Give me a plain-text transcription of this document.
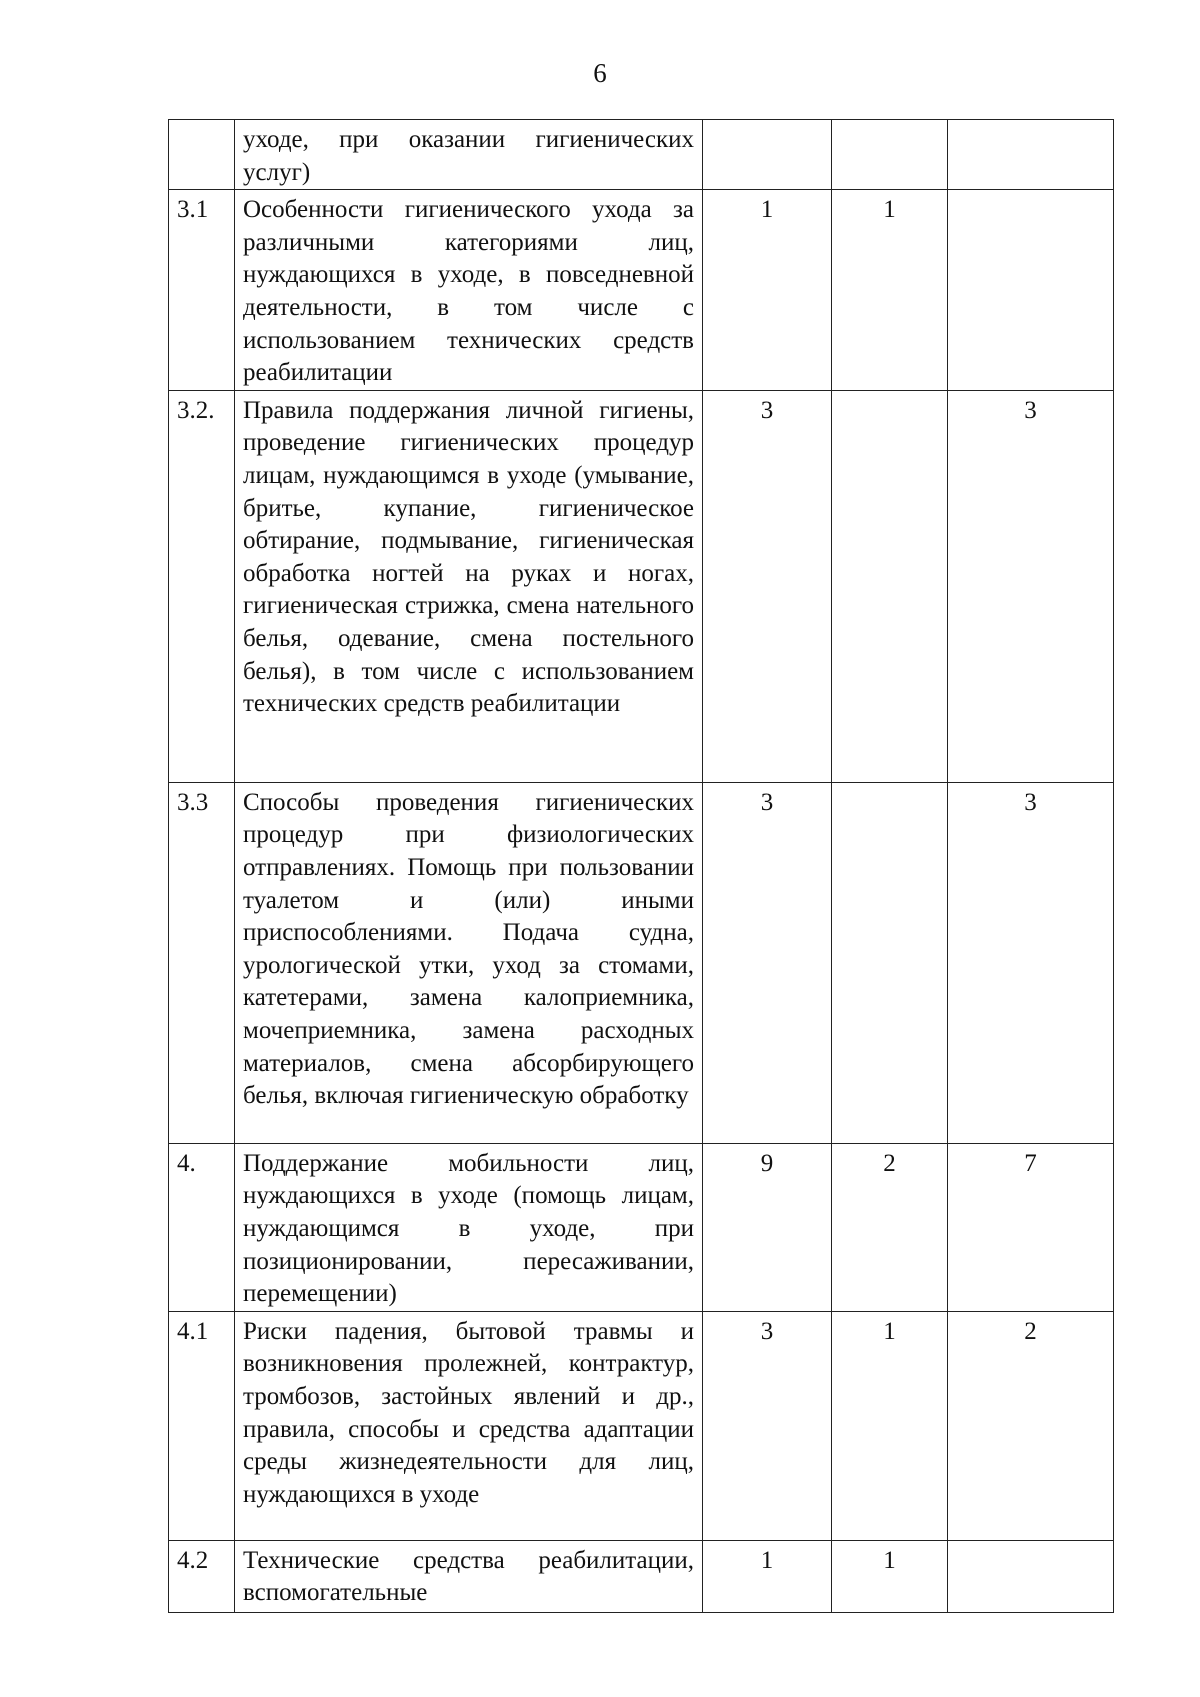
6
	уходе, при оказании гигиенических услуг)			
3.1	Особенности гигиенического ухода за различными категориями лиц, нуждающихся в уходе, в повседневной деятельности, в том числе с использованием технических средств реабилитации	1	1	
3.2.	Правила поддержания личной гигиены, проведение гигиенических процедур лицам, нуждающимся в уходе (умывание, бритье, купание, гигиеническое обтирание, подмывание, гигиеническая обработка ногтей на руках и ногах, гигиеническая стрижка, смена нательного белья, одевание, смена постельного белья), в том числе с использованием технических средств реабилитации	3		3
3.3	Способы проведения гигиенических процедур при физиологических отправлениях. Помощь при пользовании туалетом и (или) иными приспособлениями. Подача судна, урологической утки, уход за стомами, катетерами, замена калоприемника, мочеприемника, замена расходных материалов, смена абсорбирующего белья, включая гигиеническую обработку	3		3
4.	Поддержание мобильности лиц, нуждающихся в уходе (помощь лицам, нуждающимся в уходе, при позиционировании, пересаживании, перемещении)	9	2	7
4.1	Риски падения, бытовой травмы и возникновения пролежней, контрактур, тромбозов, застойных явлений и др., правила, способы и средства адаптации среды жизнедеятельности для лиц, нуждающихся в уходе	3	1	2
4.2	Технические средства реабилитации, вспомогательные	1	1	
